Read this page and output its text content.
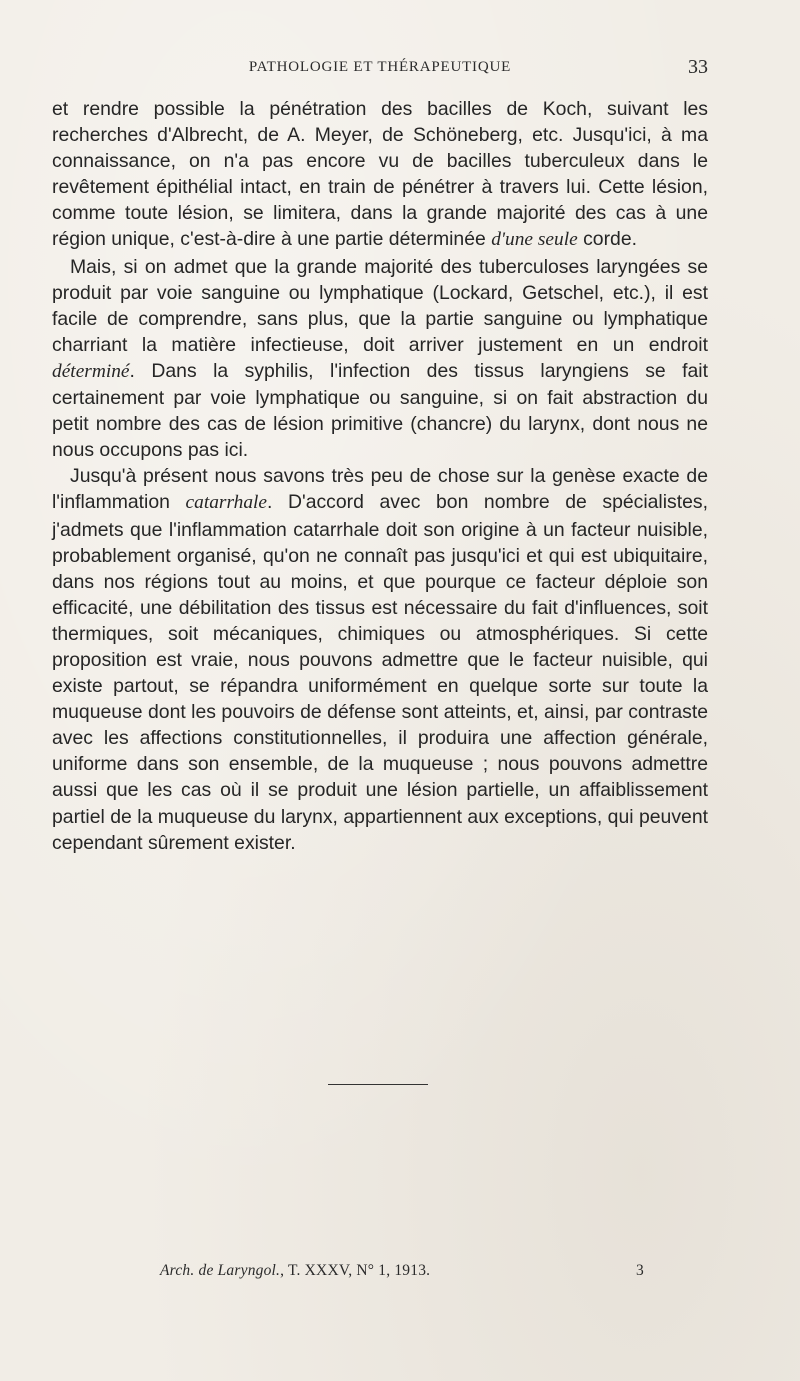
PATHOLOGIE ET THÉRAPEUTIQUE	33

et rendre possible la pénétration des bacilles de Koch, suivant les recherches d'Albrecht, de A. Meyer, de Schöneberg, etc. Jusqu'ici, à ma connaissance, on n'a pas encore vu de bacilles tuberculeux dans le revêtement épithélial intact, en train de pénétrer à travers lui. Cette lésion, comme toute lésion, se limitera, dans la grande majorité des cas à une région unique, c'est-à-dire à une partie déterminée d'une seule corde.

Mais, si on admet que la grande majorité des tuberculoses laryngées se produit par voie sanguine ou lymphatique (Lockard, Getschel, etc.), il est facile de comprendre, sans plus, que la partie sanguine ou lymphatique charriant la matière infectieuse, doit arriver justement en un endroit déterminé. Dans la syphilis, l'infection des tissus laryngiens se fait certainement par voie lymphatique ou sanguine, si on fait abstraction du petit nombre des cas de lésion primitive (chancre) du larynx, dont nous ne nous occupons pas ici.

Jusqu'à présent nous savons très peu de chose sur la genèse exacte de l'inflammation catarrhale. D'accord avec bon nombre de spécialistes, j'admets que l'inflammation catarrhale doit son origine à un facteur nuisible, probablement organisé, qu'on ne connaît pas jusqu'ici et qui est ubiquitaire, dans nos régions tout au moins, et que pourque ce facteur déploie son efficacité, une débilitation des tissus est nécessaire du fait d'influences, soit thermiques, soit mécaniques, chimiques ou atmosphériques. Si cette proposition est vraie, nous pouvons admettre que le facteur nuisible, qui existe partout, se répandra uniformément en quelque sorte sur toute la muqueuse dont les pouvoirs de défense sont atteints, et, ainsi, par contraste avec les affections constitutionnelles, il produira une affection générale, uniforme dans son ensemble, de la muqueuse ; nous pouvons admettre aussi que les cas où il se produit une lésion partielle, un affaiblissement partiel de la muqueuse du larynx, appartiennent aux exceptions, qui peuvent cependant sûrement exister.

Arch. de Laryngol., T. XXXV, N° 1, 1913.	3
